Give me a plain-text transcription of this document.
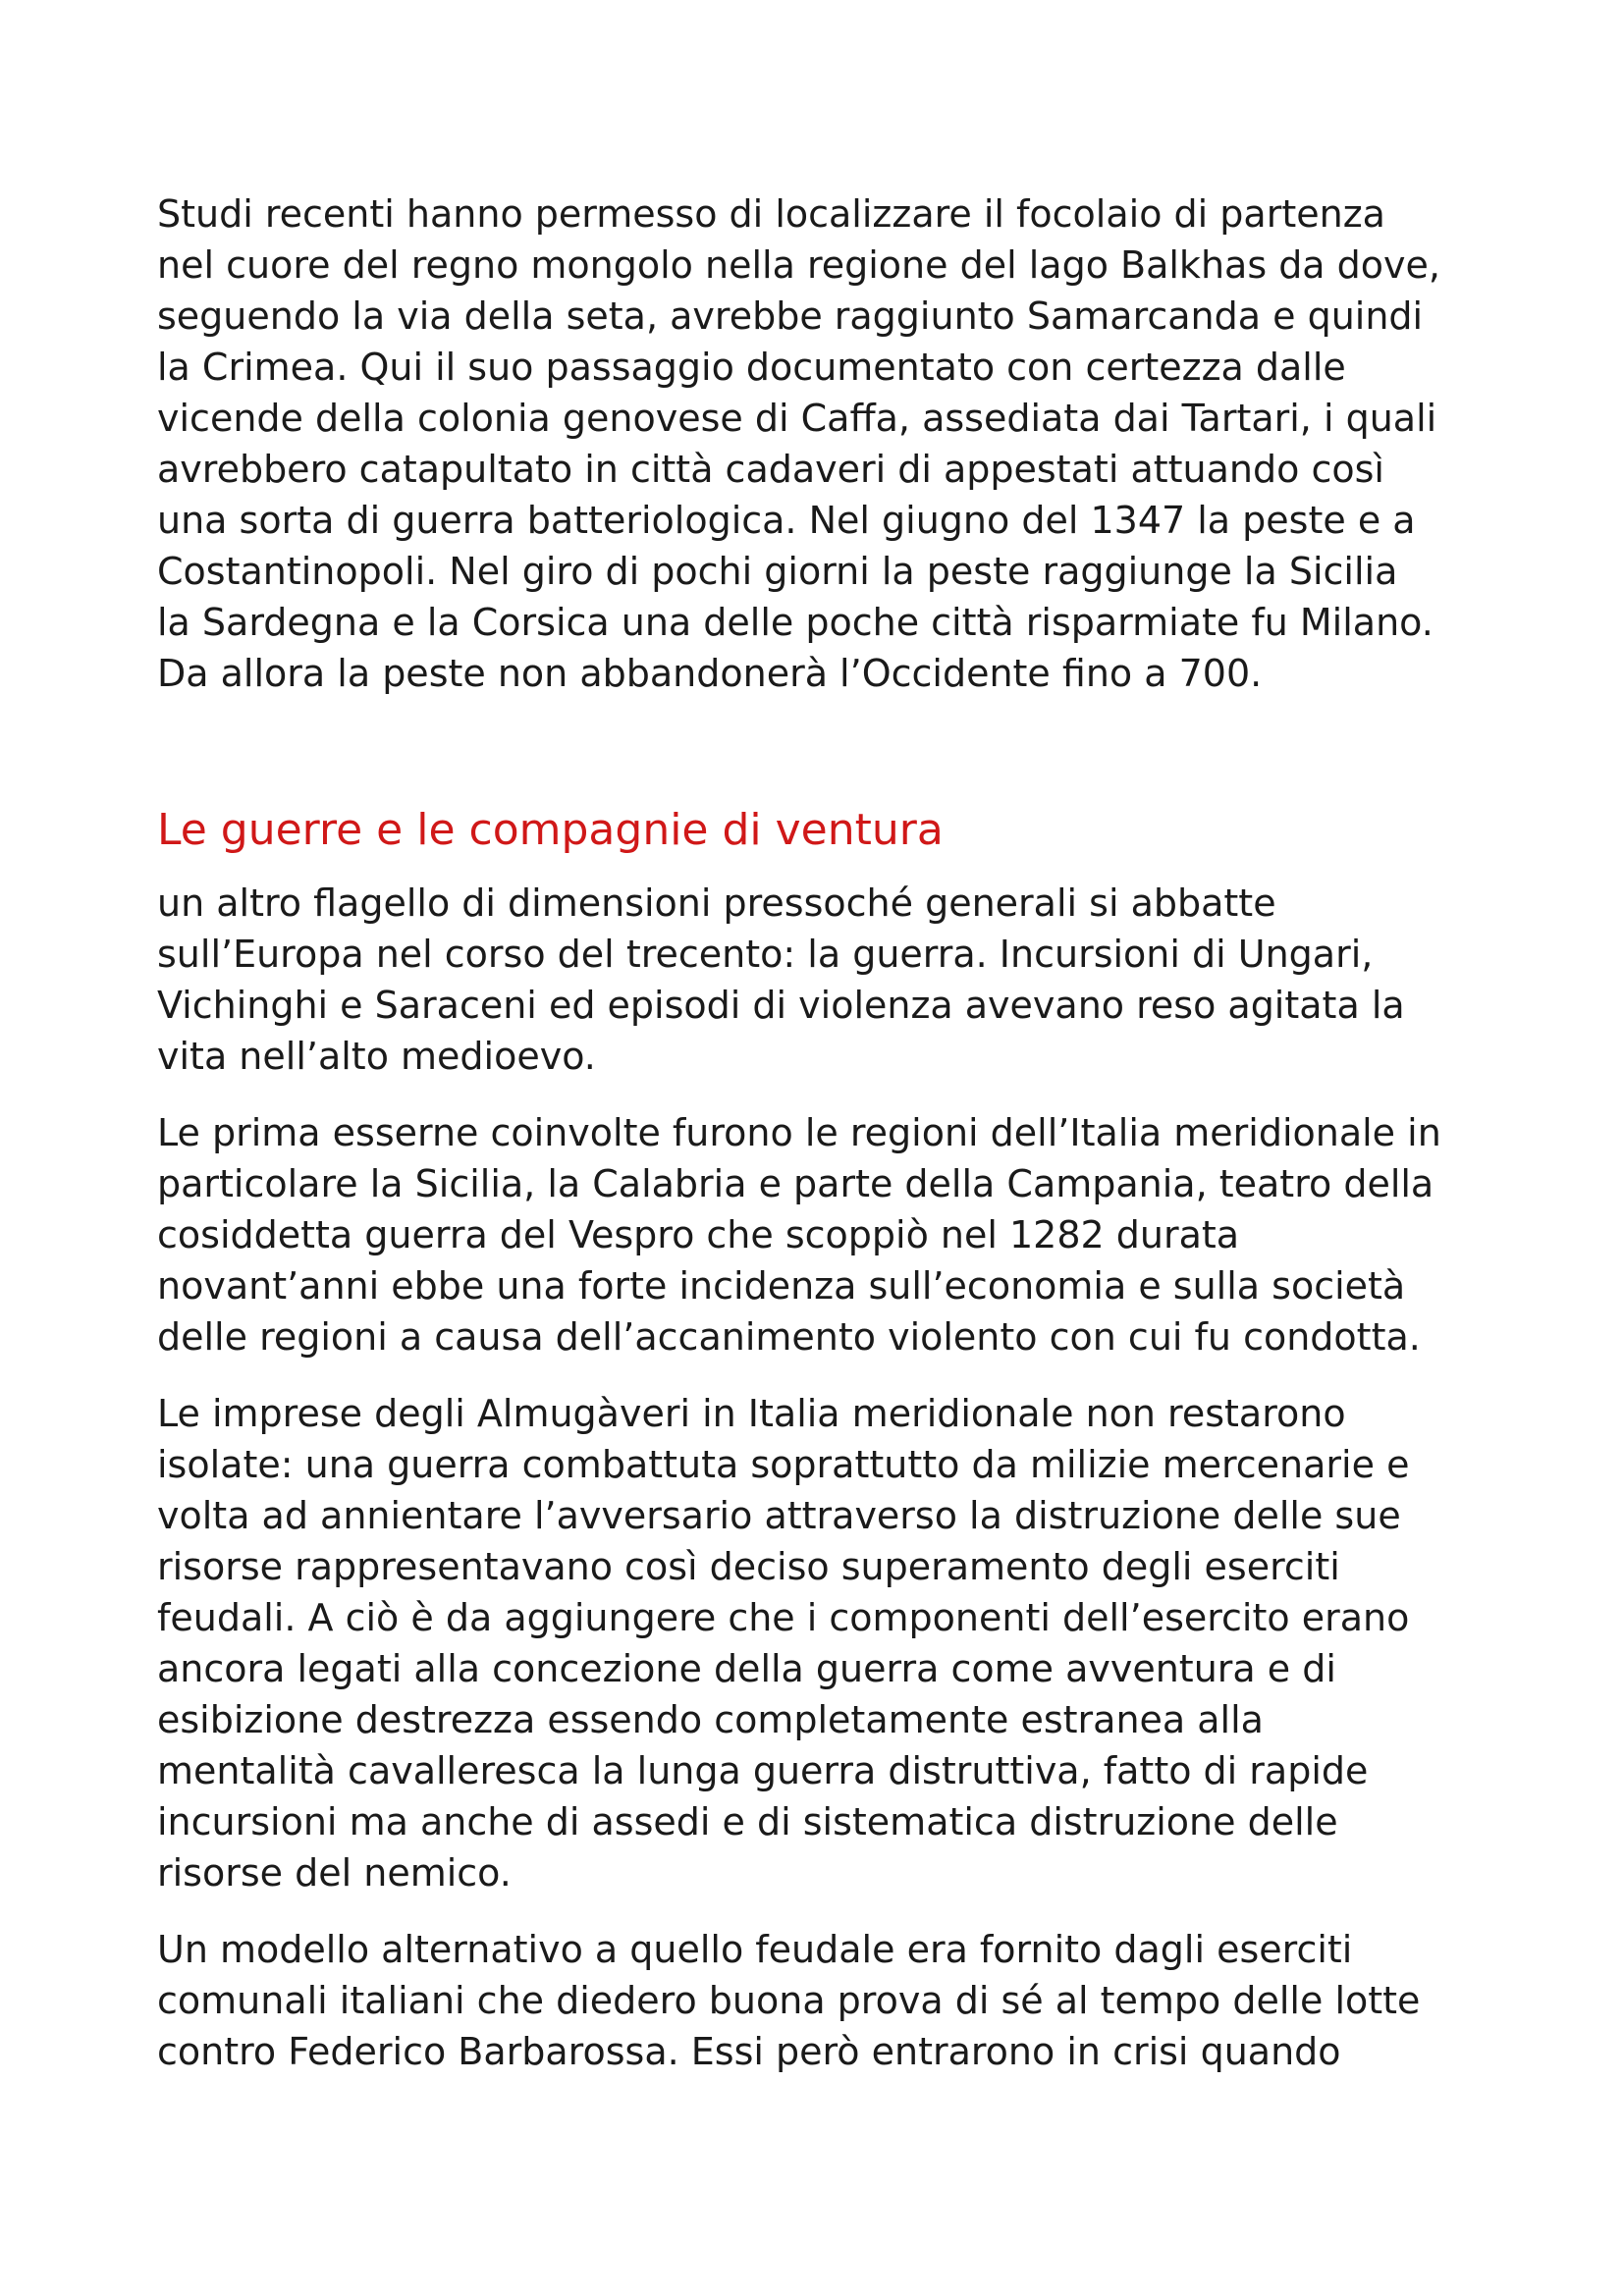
Studi recenti hanno permesso di localizzare il focolaio di partenza
nel cuore del regno mongolo nella regione del lago Balkhas da dove,
seguendo la via della seta, avrebbe raggiunto Samarcanda e quindi
la Crimea. Qui il suo passaggio documentato con certezza dalle
vicende della colonia genovese di Caffa, assediata dai Tartari, i quali
avrebbero catapultato in città cadaveri di appestati attuando così
una sorta di guerra batteriologica. Nel giugno del 1347 la peste e a
Costantinopoli. Nel giro di pochi giorni la peste raggiunge la Sicilia
la Sardegna e la Corsica una delle poche città risparmiate fu Milano.
Da allora la peste non abbandonerà l’Occidente fino a 700.

Le guerre e le compagnie di ventura

un altro flagello di dimensioni pressoché generali si abbatte
sull’Europa nel corso del trecento: la guerra. Incursioni di Ungari,
Vichinghi e Saraceni ed episodi di violenza avevano reso agitata la
vita nell’alto medioevo.

Le prima esserne coinvolte furono le regioni dell’Italia meridionale in
particolare la Sicilia, la Calabria e parte della Campania, teatro della
cosiddetta guerra del Vespro che scoppiò nel 1282 durata
novant’anni ebbe una forte incidenza sull’economia e sulla società
delle regioni a causa dell’accanimento violento con cui fu condotta.

Le imprese degli Almugàveri in Italia meridionale non restarono
isolate: una guerra combattuta soprattutto da milizie mercenarie e
volta ad annientare l’avversario attraverso la distruzione delle sue
risorse rappresentavano così deciso superamento degli eserciti
feudali. A ciò è da aggiungere che i componenti dell’esercito erano
ancora legati alla concezione della guerra come avventura e di
esibizione destrezza essendo completamente estranea alla
mentalità cavalleresca la lunga guerra distruttiva, fatto di rapide
incursioni ma anche di assedi e di sistematica distruzione delle
risorse del nemico.

Un modello alternativo a quello feudale era fornito dagli eserciti
comunali italiani che diedero buona prova di sé al tempo delle lotte
contro Federico Barbarossa. Essi però entrarono in crisi quando
